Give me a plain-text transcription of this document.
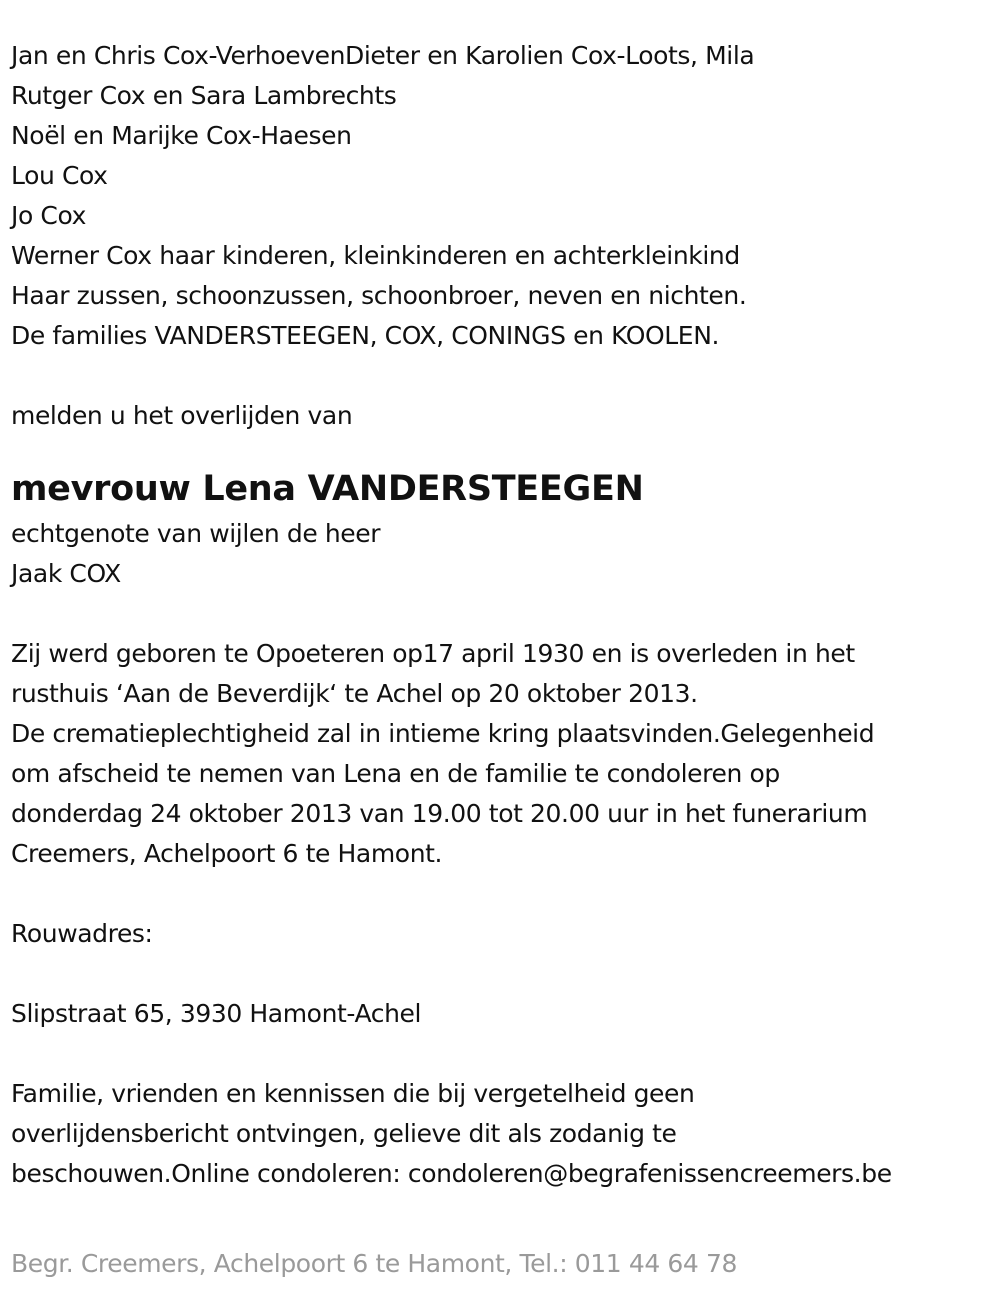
Jan en Chris Cox-VerhoevenDieter en Karolien Cox-Loots, Mila
Rutger Cox en Sara Lambrechts
Noël en Marijke Cox-Haesen
Lou Cox
Jo Cox
Werner Cox haar kinderen, kleinkinderen en achterkleinkind
Haar zussen, schoonzussen, schoonbroer, neven en nichten.
De families VANDERSTEEGEN, COX, CONINGS en KOOLEN.
melden u het overlijden van
mevrouw Lena VANDERSTEEGEN
echtgenote van wijlen de heer
Jaak COX
Zij werd geboren te Opoeteren op17 april 1930 en is overleden in het
rusthuis ‘Aan de Beverdijk‘ te Achel op 20 oktober 2013.
De crematieplechtigheid zal in intieme kring plaatsvinden.Gelegenheid
om afscheid te nemen van Lena en de familie te condoleren op
donderdag 24 oktober 2013 van 19.00 tot 20.00 uur in het funerarium
Creemers, Achelpoort 6 te Hamont.
Rouwadres:
Slipstraat 65, 3930 Hamont-Achel
Familie, vrienden en kennissen die bij vergetelheid geen
overlijdensbericht ontvingen, gelieve dit als zodanig te
beschouwen.Online condoleren: condoleren@begrafenissencreemers.be
Begr. Creemers, Achelpoort 6 te Hamont, Tel.: 011 44 64 78
